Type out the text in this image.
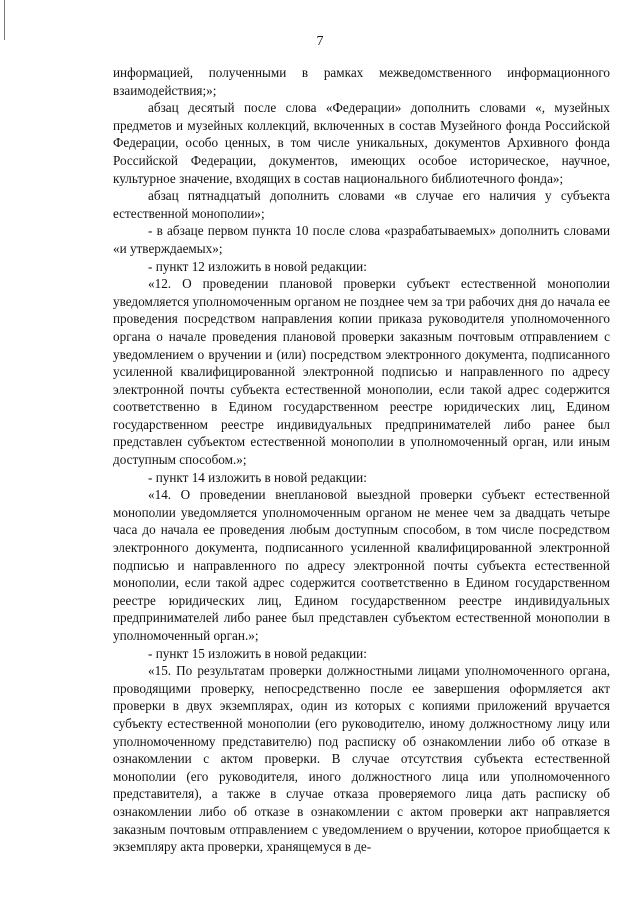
7

информацией, полученными в рамках межведомственного информационного взаимодействия;»;

абзац десятый после слова «Федерации» дополнить словами «, музейных предметов и музейных коллекций, включенных в состав Музейного фонда Российской Федерации, особо ценных, в том числе уникальных, документов Архивного фонда Российской Федерации, документов, имеющих особое историческое, научное, культурное значение, входящих в состав национального библиотечного фонда»;

абзац пятнадцатый дополнить словами «в случае его наличия у субъекта естественной монополии»;

- в абзаце первом пункта 10 после слова «разрабатываемых» дополнить словами «и утверждаемых»;

- пункт 12 изложить в новой редакции:

«12. О проведении плановой проверки субъект естественной монополии уведомляется уполномоченным органом не позднее чем за три рабочих дня до начала ее проведения посредством направления копии приказа руководителя уполномоченного органа о начале проведения плановой проверки заказным почтовым отправлением с уведомлением о вручении и (или) посредством электронного документа, подписанного усиленной квалифицированной электронной подписью и направленного по адресу электронной почты субъекта естественной монополии, если такой адрес содержится соответственно в Едином государственном реестре юридических лиц, Едином государственном реестре индивидуальных предпринимателей либо ранее был представлен субъектом естественной монополии в уполномоченный орган, или иным доступным способом.»;

- пункт 14 изложить в новой редакции:

«14. О проведении внеплановой выездной проверки субъект естественной монополии уведомляется уполномоченным органом не менее чем за двадцать четыре часа до начала ее проведения любым доступным способом, в том числе посредством электронного документа, подписанного усиленной квалифицированной электронной подписью и направленного по адресу электронной почты субъекта естественной монополии, если такой адрес содержится соответственно в Едином государственном реестре юридических лиц, Едином государственном реестре индивидуальных предпринимателей либо ранее был представлен субъектом естественной монополии в уполномоченный орган.»;

- пункт 15 изложить в новой редакции:

«15. По результатам проверки должностными лицами уполномоченного органа, проводящими проверку, непосредственно после ее завершения оформляется акт проверки в двух экземплярах, один из которых с копиями приложений вручается субъекту естественной монополии (его руководителю, иному должностному лицу или уполномоченному представителю) под расписку об ознакомлении либо об отказе в ознакомлении с актом проверки. В случае отсутствия субъекта естественной монополии (его руководителя, иного должностного лица или уполномоченного представителя), а также в случае отказа проверяемого лица дать расписку об ознакомлении либо об отказе в ознакомлении с актом проверки акт направляется заказным почтовым отправлением с уведомлением о вручении, которое приобщается к экземпляру акта проверки, хранящемуся в де-
